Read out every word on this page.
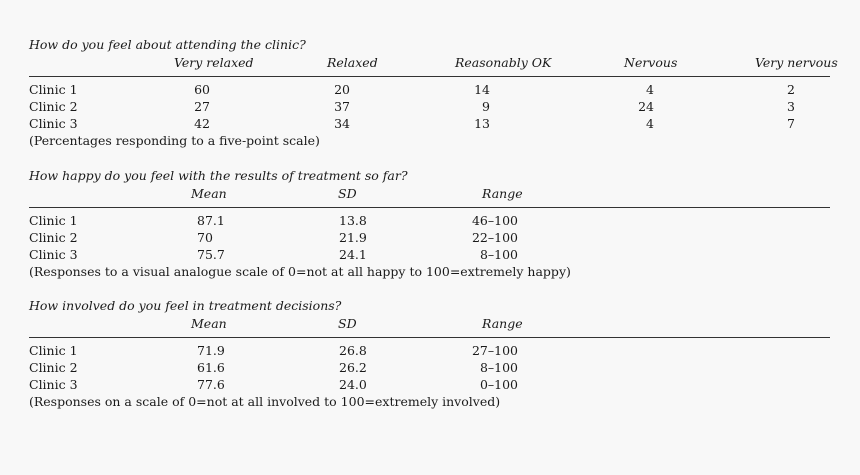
How do you feel about attending the clinic?
Very relaxed	Relaxed	Reasonably OK	Nervous	Very nervous
Clinic 1	60	20	14	4	2
Clinic 2	27	37	9	24	3
Clinic 3	42	34	13	4	7
(Percentages responding to a five-point scale)
How happy do you feel with the results of treatment so far?
Mean	SD	Range
Clinic 1	87.1	13.8	46–100
Clinic 2	70	21.9	22–100
Clinic 3	75.7	24.1	8–100
(Responses to a visual analogue scale of 0=not at all happy to 100=extremely happy)
How involved do you feel in treatment decisions?
Mean	SD	Range
Clinic 1	71.9	26.8	27–100
Clinic 2	61.6	26.2	8–100
Clinic 3	77.6	24.0	0–100
(Responses on a scale of 0=not at all involved to 100=extremely involved)
